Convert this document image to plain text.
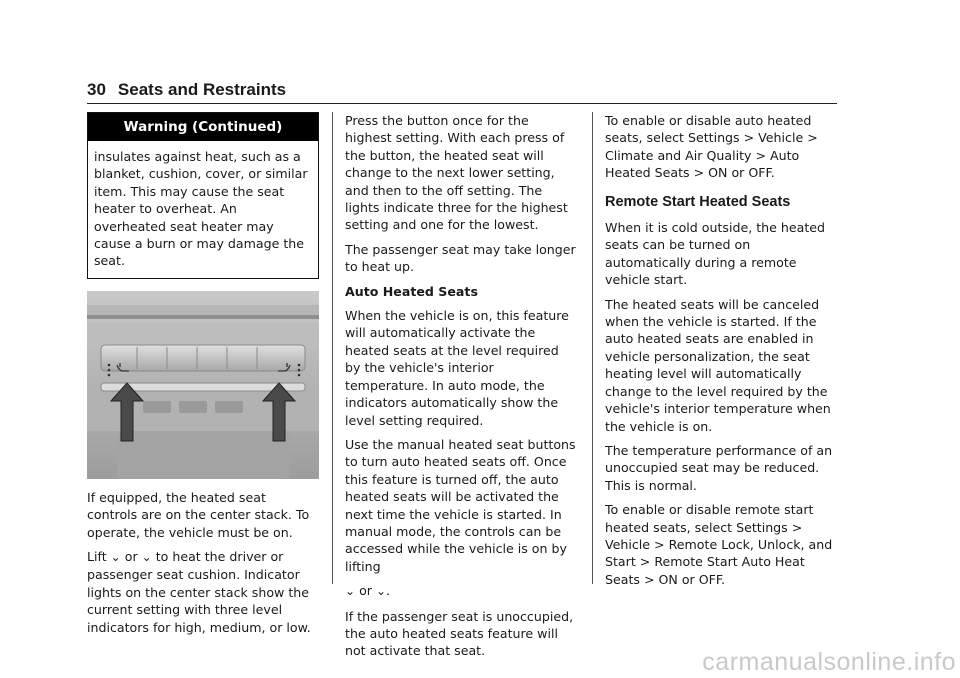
30 Seats and Restraints
Warning (Continued)
insulates against heat, such as a blanket, cushion, cover, or similar item. This may cause the seat heater to overheat. An overheated seat heater may cause a burn or may damage the seat.

If equipped, the heated seat controls are on the center stack. To operate, the vehicle must be on.

Lift ⌄ or ⌄ to heat the driver or passenger seat cushion. Indicator lights on the center stack show the current setting with three level indicators for high, medium, or low.

Press the button once for the highest setting. With each press of the button, the heated seat will change to the next lower setting, and then to the off setting. The lights indicate three for the highest setting and one for the lowest.

The passenger seat may take longer to heat up.

Auto Heated Seats

When the vehicle is on, this feature will automatically activate the heated seats at the level required by the vehicle's interior temperature. In auto mode, the indicators automatically show the level setting required.

Use the manual heated seat buttons to turn auto heated seats off. Once this feature is turned off, the auto heated seats will be activated the next time the vehicle is started. In manual mode, the controls can be accessed while the vehicle is on by lifting

⌄ or ⌄.

If the passenger seat is unoccupied, the auto heated seats feature will not activate that seat.

To enable or disable auto heated seats, select Settings > Vehicle > Climate and Air Quality > Auto Heated Seats > ON or OFF.

Remote Start Heated Seats

When it is cold outside, the heated seats can be turned on automatically during a remote vehicle start.

The heated seats will be canceled when the vehicle is started. If the auto heated seats are enabled in vehicle personalization, the seat heating level will automatically change to the level required by the vehicle's interior temperature when the vehicle is on.

The temperature performance of an unoccupied seat may be reduced. This is normal.

To enable or disable remote start heated seats, select Settings > Vehicle > Remote Lock, Unlock, and Start > Remote Start Auto Heat Seats > ON or OFF.

carmanualsonline.info
